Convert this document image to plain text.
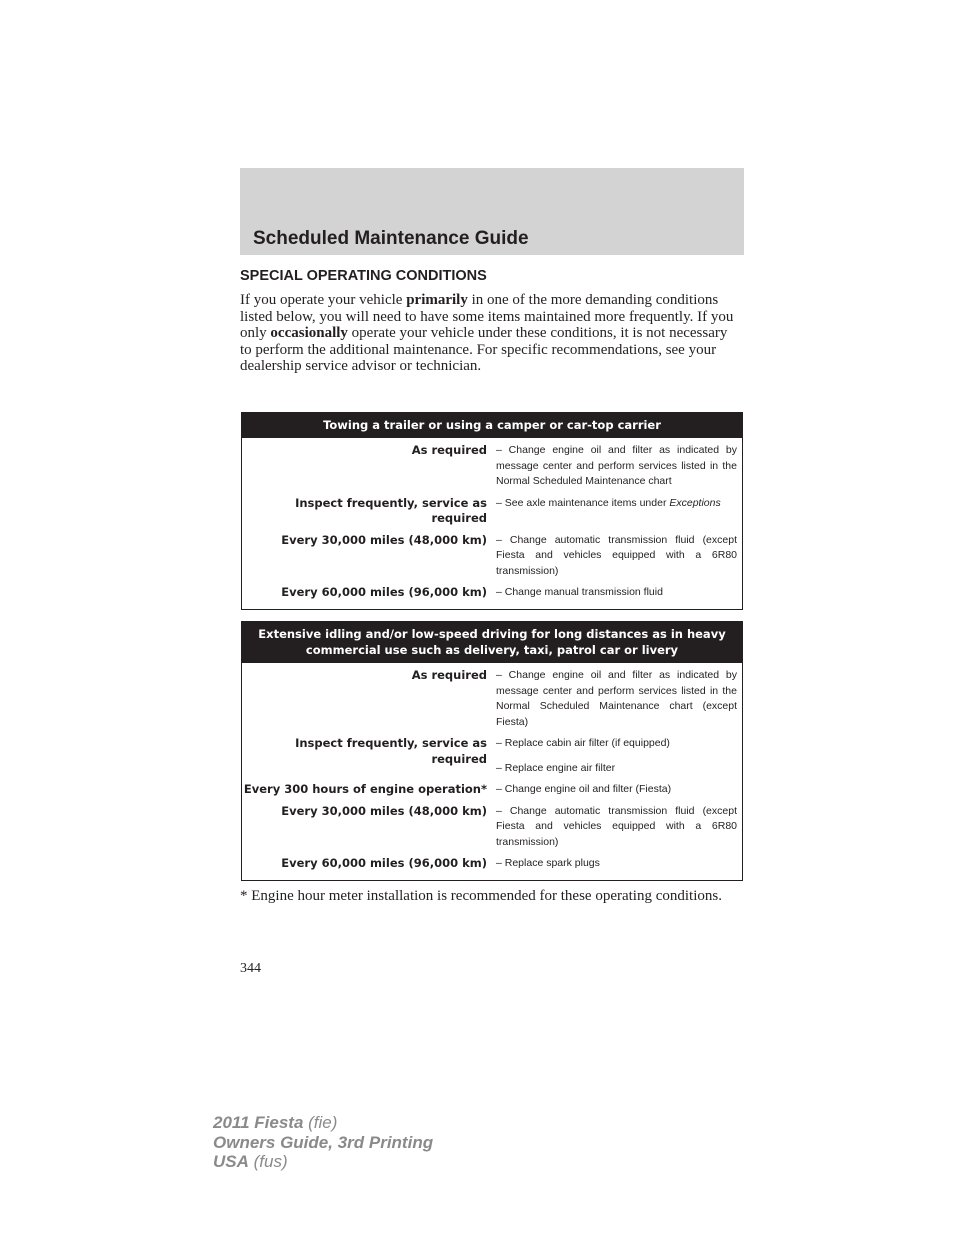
Scheduled Maintenance Guide
SPECIAL OPERATING CONDITIONS
If you operate your vehicle primarily in one of the more demanding conditions listed below, you will need to have some items maintained more frequently. If you only occasionally operate your vehicle under these conditions, it is not necessary to perform the additional maintenance. For specific recommendations, see your dealership service advisor or technician.
Towing a trailer or using a camper or car-top carrier
As required – Change engine oil and filter as indicated by message center and perform services listed in the Normal Scheduled Maintenance chart
Inspect frequently, service as required
– See axle maintenance items under Exceptions
Every 30,000 miles (48,000 km) – Change automatic transmission fluid (except Fiesta and vehicles equipped with a 6R80 transmission)
Every 60,000 miles (96,000 km) – Change manual transmission fluid
Extensive idling and/or low-speed driving for long distances as in heavy commercial use such as delivery, taxi, patrol car or livery
As required – Change engine oil and filter as indicated by message center and perform services listed in the Normal Scheduled Maintenance chart (except Fiesta)
Inspect frequently, service as required
– Replace cabin air filter (if equipped)
– Replace engine air filter
Every 300 hours of engine operation* – Change engine oil and filter (Fiesta)
Every 30,000 miles (48,000 km) – Change automatic transmission fluid (except Fiesta and vehicles equipped with a 6R80 transmission)
Every 60,000 miles (96,000 km) – Replace spark plugs
* Engine hour meter installation is recommended for these operating conditions.
344
2011 Fiesta (fie)
Owners Guide, 3rd Printing
USA (fus)
